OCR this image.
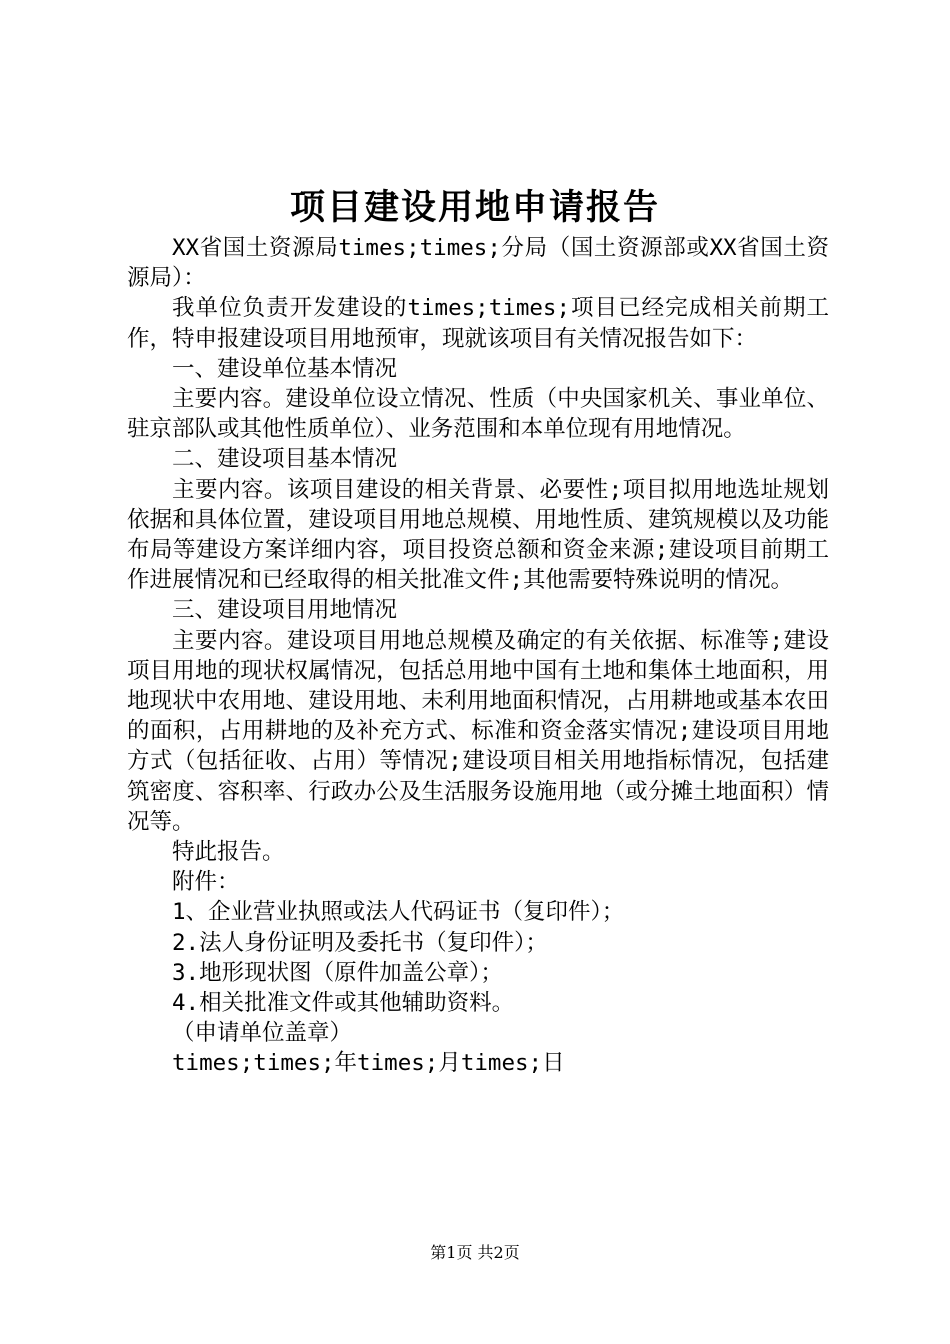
项目建设用地申请报告

XX省国土资源局times;times;分局（国土资源部或XX省国土资源局）：

我单位负责开发建设的times;times;项目已经完成相关前期工作，特申报建设项目用地预审，现就该项目有关情况报告如下：

一、建设单位基本情况

主要内容。建设单位设立情况、性质（中央国家机关、事业单位、驻京部队或其他性质单位）、业务范围和本单位现有用地情况。

二、建设项目基本情况

主要内容。该项目建设的相关背景、必要性;项目拟用地选址规划依据和具体位置，建设项目用地总规模、用地性质、建筑规模以及功能布局等建设方案详细内容，项目投资总额和资金来源;建设项目前期工作进展情况和已经取得的相关批准文件;其他需要特殊说明的情况。

三、建设项目用地情况

主要内容。建设项目用地总规模及确定的有关依据、标准等;建设项目用地的现状权属情况，包括总用地中国有土地和集体土地面积，用地现状中农用地、建设用地、未利用地面积情况，占用耕地或基本农田的面积，占用耕地的及补充方式、标准和资金落实情况;建设项目用地方式（包括征收、占用）等情况;建设项目相关用地指标情况，包括建筑密度、容积率、行政办公及生活服务设施用地（或分摊土地面积）情况等。

特此报告。

附件：

1、企业营业执照或法人代码证书（复印件）；

2.法人身份证明及委托书（复印件）；

3.地形现状图（原件加盖公章）；

4.相关批准文件或其他辅助资料。

（申请单位盖章）

times;times;年times;月times;日

第1页 共2页
